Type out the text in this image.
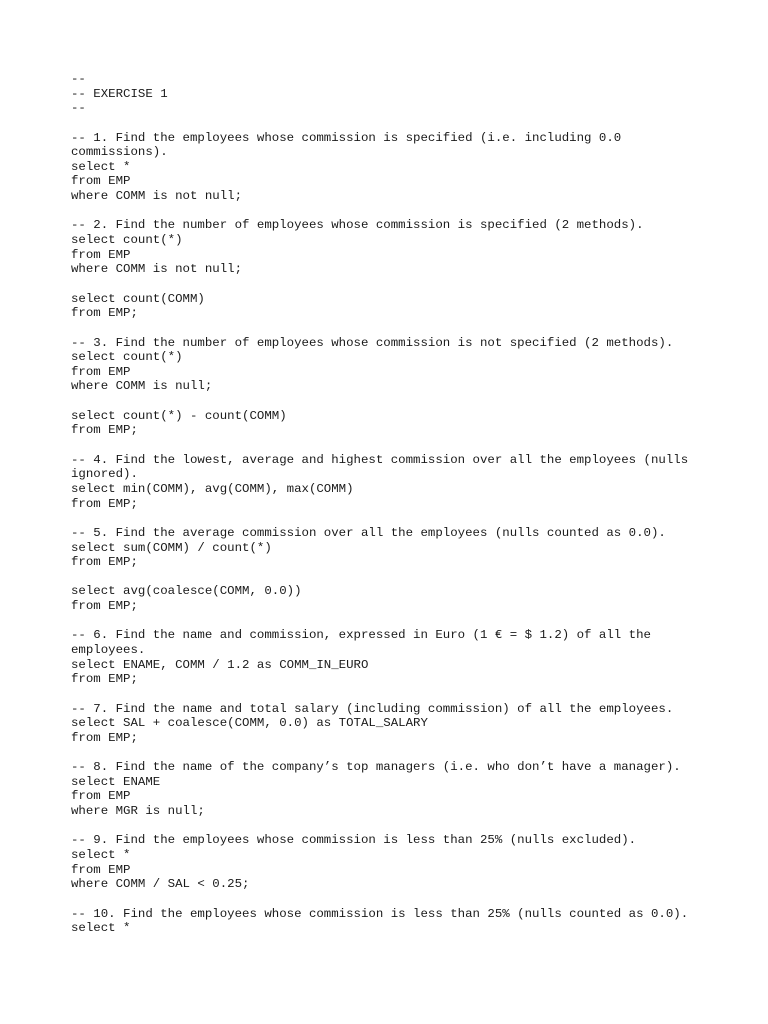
--
-- EXERCISE 1
--
-- 1. Find the employees whose commission is specified (i.e. including 0.0
commissions).
select *
from EMP
where COMM is not null;
-- 2. Find the number of employees whose commission is specified (2 methods).
select count(*)
from EMP
where COMM is not null;
select count(COMM)
from EMP;
-- 3. Find the number of employees whose commission is not specified (2 methods).
select count(*)
from EMP
where COMM is null;
select count(*) - count(COMM)
from EMP;
-- 4. Find the lowest, average and highest commission over all the employees (nulls
ignored).
select min(COMM), avg(COMM), max(COMM)
from EMP;
-- 5. Find the average commission over all the employees (nulls counted as 0.0).
select sum(COMM) / count(*)
from EMP;
select avg(coalesce(COMM, 0.0))
from EMP;
-- 6. Find the name and commission, expressed in Euro (1 € = $ 1.2) of all the
employees.
select ENAME, COMM / 1.2 as COMM_IN_EURO
from EMP;
-- 7. Find the name and total salary (including commission) of all the employees.
select SAL + coalesce(COMM, 0.0) as TOTAL_SALARY
from EMP;
-- 8. Find the name of the company’s top managers (i.e. who don’t have a manager).
select ENAME
from EMP
where MGR is null;
-- 9. Find the employees whose commission is less than 25% (nulls excluded).
select *
from EMP
where COMM / SAL < 0.25;
-- 10. Find the employees whose commission is less than 25% (nulls counted as 0.0).
select *
